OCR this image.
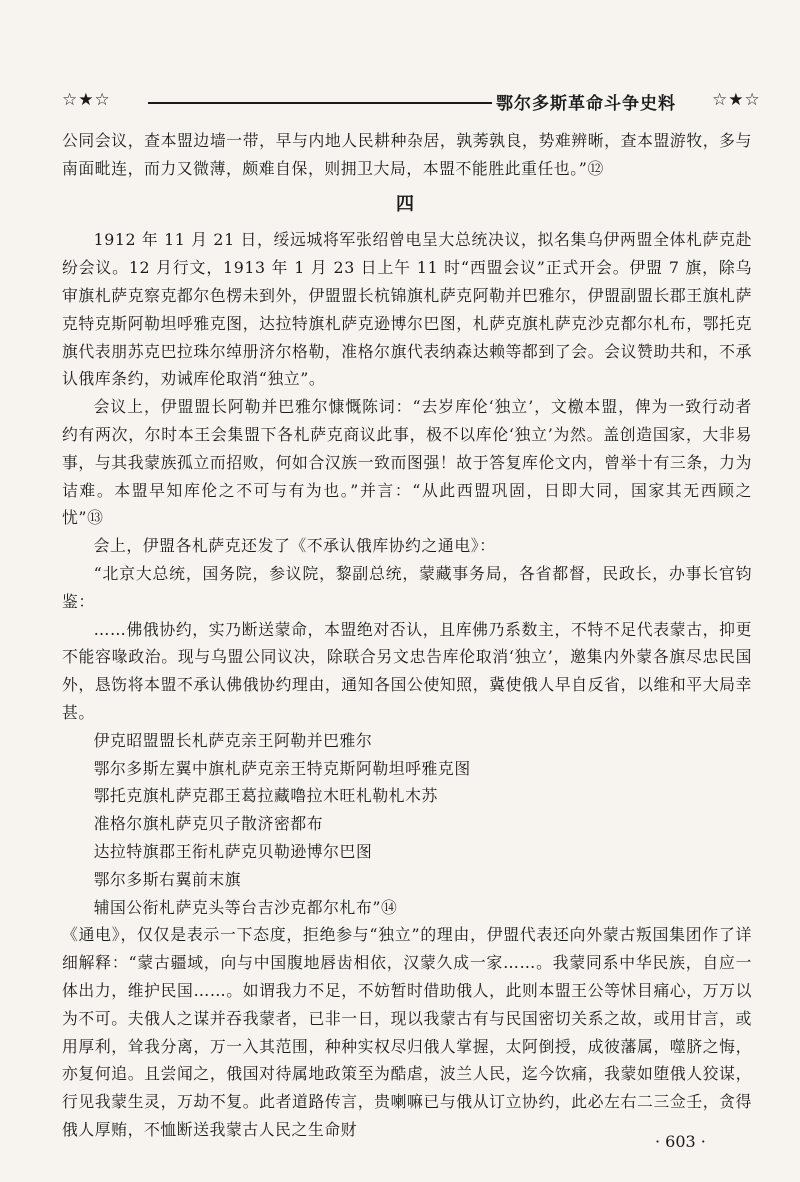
☆★☆	鄂尔多斯革命斗争史料	☆★☆

公同会议，查本盟边墙一带，早与内地人民耕种杂居，孰莠孰良，势难辨晰，查本盟游牧，多与南面毗连，而力又微薄，颇难自保，则拥卫大局，本盟不能胜此重任也。”⑫

四

1912 年 11 月 21 日，绥远城将军张绍曾电呈大总统决议，拟名集乌伊两盟全体札萨克赴纷会议。12 月行文，1913 年 1 月 23 日上午 11 时“西盟会议”正式开会。伊盟 7 旗，除乌审旗札萨克察克都尔色楞未到外，伊盟盟长杭锦旗札萨克阿勒并巴雅尔，伊盟副盟长郡王旗札萨克特克斯阿勒坦呼雅克图，达拉特旗札萨克逊博尔巴图，札萨克旗札萨克沙克都尔札布，鄂托克旗代表朋苏克巴拉珠尔绰册济尔格勒，准格尔旗代表纳森达赖等都到了会。会议赞助共和，不承认俄库条约，劝诫库伦取消“独立”。

会议上，伊盟盟长阿勒并巴雅尔慷慨陈词：“去岁库伦‘独立’，文檄本盟，俾为一致行动者约有两次，尔时本王会集盟下各札萨克商议此事，极不以库伦‘独立’为然。盖创造国家，大非易事，与其我蒙族孤立而招败，何如合汉族一致而图强！故于答复库伦文内，曾举十有三条，力为诘难。本盟早知库伦之不可与有为也。”并言：“从此西盟巩固，日即大同，国家其无西顾之忧”⑬

会上，伊盟各札萨克还发了《不承认俄库协约之通电》：

“北京大总统，国务院，参议院，黎副总统，蒙藏事务局，各省都督，民政长，办事长官钧鉴：

……佛俄协约，实乃断送蒙命，本盟绝对否认，且库佛乃系数主，不特不足代表蒙古，抑更不能容喙政治。现与乌盟公同议决，除联合另文忠告库伦取消‘独立’，邀集内外蒙各旗尽忠民国外，恳饬将本盟不承认佛俄协约理由，通知各国公使知照，冀使俄人早自反省，以维和平大局幸甚。

伊克昭盟盟长札萨克亲王阿勒并巴雅尔

鄂尔多斯左翼中旗札萨克亲王特克斯阿勒坦呼雅克图

鄂托克旗札萨克郡王葛拉藏噜拉木旺札勒札木苏

准格尔旗札萨克贝子散济密都布

达拉特旗郡王衔札萨克贝勒逊博尔巴图

鄂尔多斯右翼前末旗

辅国公衔札萨克头等台吉沙克都尔札布”⑭

《通电》，仅仅是表示一下态度，拒绝参与“独立”的理由，伊盟代表还向外蒙古叛国集团作了详细解释：“蒙古疆域，向与中国腹地唇齿相依，汉蒙久成一家……。我蒙同系中华民族，自应一体出力，维护民国……。如谓我力不足，不妨暂时借助俄人，此则本盟王公等怵目痛心，万万以为不可。夫俄人之谋并吞我蒙者，已非一日，现以我蒙古有与民国密切关系之故，或用甘言，或用厚利，耸我分离，万一入其范围，种种实权尽归俄人掌握，太阿倒授，成彼藩属，噬脐之悔，亦复何追。且尝闻之，俄国对待属地政策至为酷虐，波兰人民，迄今饮痛，我蒙如堕俄人狡谋，行见我蒙生灵，万劫不复。此者道路传言，贵喇嘛已与俄从订立协约，此必左右二三佥壬，贪得俄人厚贿，不恤断送我蒙古人民之生命财

· 603 ·
